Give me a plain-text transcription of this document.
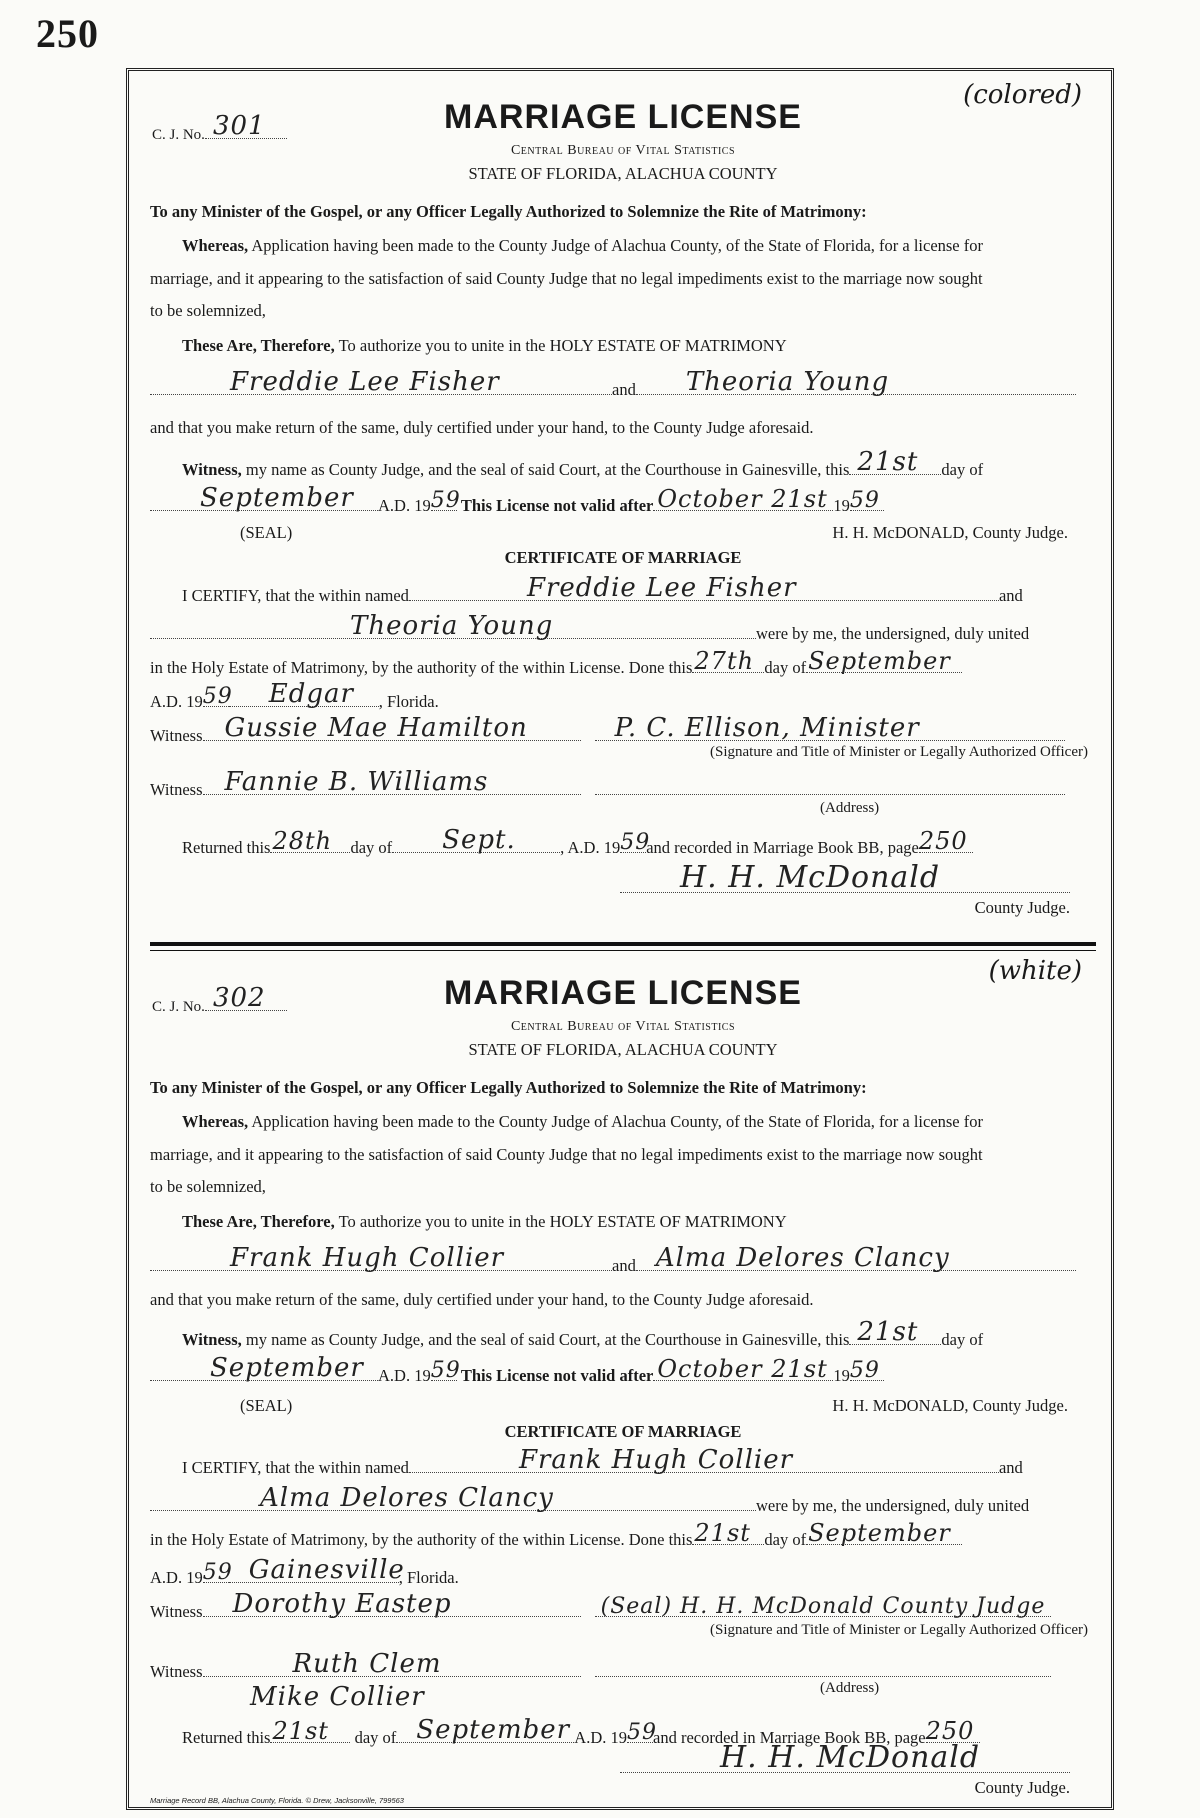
250
C. J. No. 301
(colored)
MARRIAGE LICENSE
Central Bureau of Vital Statistics
STATE OF FLORIDA, ALACHUA COUNTY
To any Minister of the Gospel, or any Officer Legally Authorized to Solemnize the Rite of Matrimony:
Whereas, Application having been made to the County Judge of Alachua County, of the State of Florida, for a license for
marriage, and it appearing to the satisfaction of said County Judge that no legal impediments exist to the marriage now sought
to be solemnized,
These Are, Therefore, To authorize you to unite in the HOLY ESTATE OF MATRIMONY
Freddie Lee Fisher	and Theoria Young
and that you make return of the same, duly certified under your hand, to the County Judge aforesaid.
Witness, my name as County Judge, and the seal of said Court, at the Courthouse in Gainesville, this 21st day of
September A.D. 19 59 This License not valid after October 21st 19 59
(SEAL)	H. H. McDONALD, County Judge.
CERTIFICATE OF MARRIAGE
I CERTIFY, that the within named	Freddie Lee Fisher	and
Theoria Young	were by me, the undersigned, duly united
in the Holy Estate of Matrimony, by the authority of the within License. Done this 27th day of September
A.D. 19 59 Edgar , Florida.
Witness Gussie Mae Hamilton
	P. C. Ellison, Minister
(Signature and Title of Minister or Legally Authorized Officer)
Witness Fannie B. Williams

(Address)
Returned this 28th day of Sept.	, A.D. 19 59
and recorded in Marriage Book BB, page 250
H. H. McDonald
County Judge.
C. J. No. 302
(white)
MARRIAGE LICENSE
Central Bureau of Vital Statistics
STATE OF FLORIDA, ALACHUA COUNTY
To any Minister of the Gospel, or any Officer Legally Authorized to Solemnize the Rite of Matrimony:
Whereas, Application having been made to the County Judge of Alachua County, of the State of Florida, for a license for
marriage, and it appearing to the satisfaction of said County Judge that no legal impediments exist to the marriage now sought
to be solemnized,
These Are, Therefore, To authorize you to unite in the HOLY ESTATE OF MATRIMONY
Frank Hugh Collier	and Alma Delores Clancy
and that you make return of the same, duly certified under your hand, to the County Judge aforesaid.
Witness, my name as County Judge, and the seal of said Court, at the Courthouse in Gainesville, this 21st day of
September A.D. 19 59 This License not valid after October 21st 19 59
(SEAL)	H. H. McDONALD, County Judge.
CERTIFICATE OF MARRIAGE
I CERTIFY, that the within named	Frank Hugh Collier	and
Alma Delores Clancy	were by me, the undersigned, duly united
in the Holy Estate of Matrimony, by the authority of the within License. Done this 21st day of September
A.D. 19 59 Gainesville
, Florida.
Witness Dorothy Eastep
	(Seal) H. H. McDonald County Judge
(Signature and Title of Minister or Legally Authorized Officer)
Witness	Ruth Clem

Mike Collier	(Address)
Returned this 21st day of September A.D. 19 59
and recorded in Marriage Book BB, page 250
H. H. McDonald
County Judge.
Marriage Record BB, Alachua County, Florida. © Drew, Jacksonville, 799563
